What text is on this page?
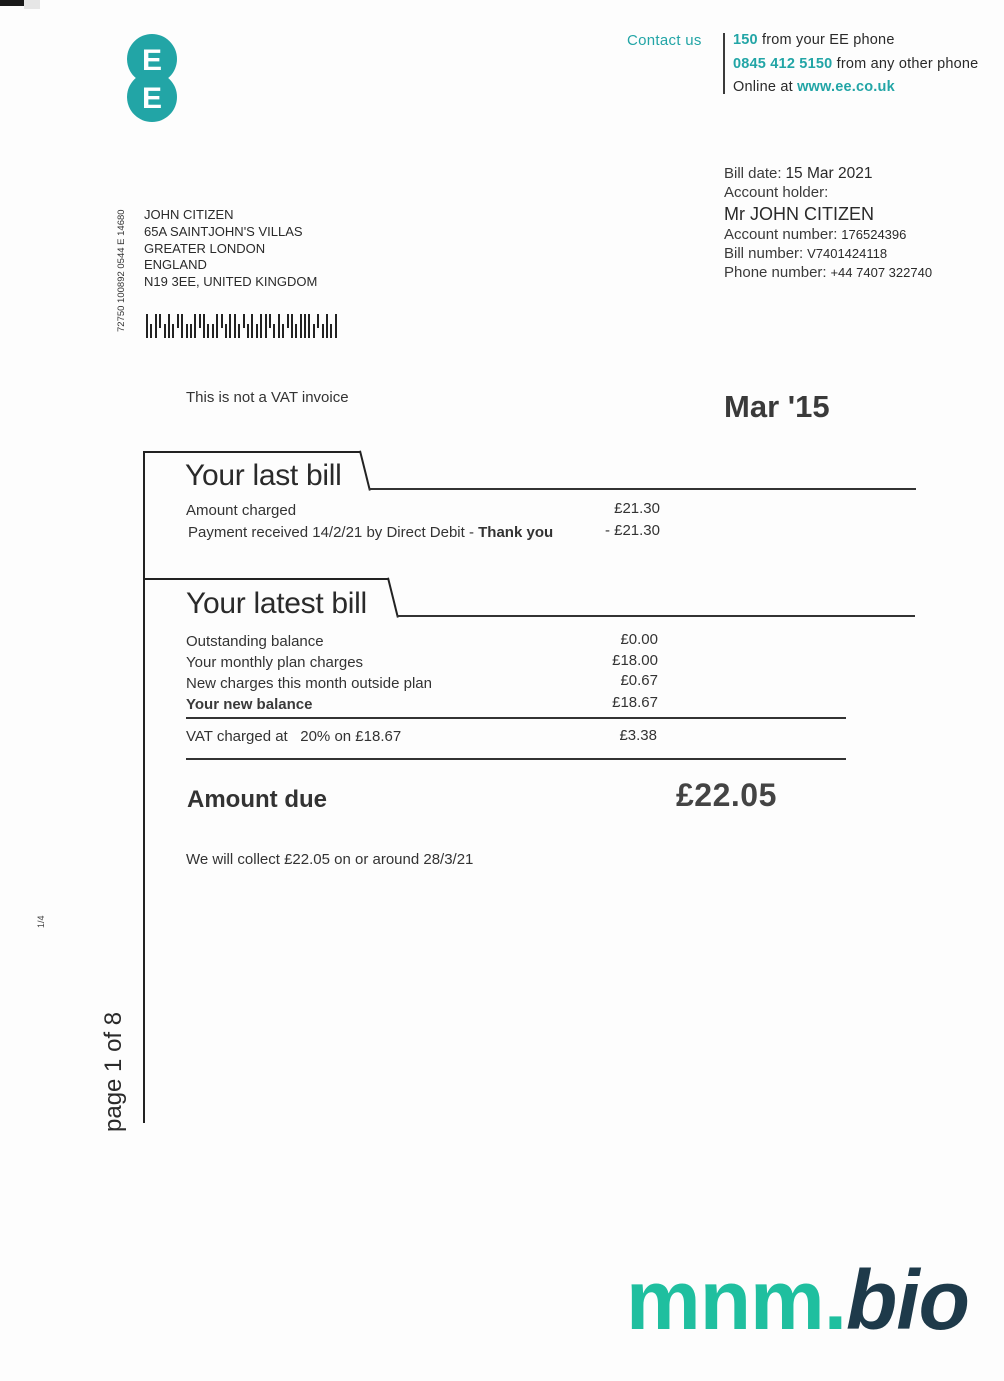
E
E
Contact us 150 from your EE phone
0845 412 5150 from any other phone
Online at www.ee.co.uk
Bill date: 15 Mar 2021
Account holder:
Mr JOHN CITIZEN
Account number: 176524396
Bill number: V7401424118
Phone number: +44 7407 322740
72750 100892 0544 E 14680 JOHN CITIZEN
65A SAINTJOHN'S VILLAS
GREATER LONDON
ENGLAND
N19 3EE, UNITED KINGDOM
This is not a VAT invoice	Mar '15
Your last bill
Amount charged	£21.30
Payment received 14/2/21 by Direct Debit - Thank you	- £21.30
Your latest bill
Outstanding balance	£0.00
Your monthly plan charges	£18.00
New charges this month outside plan	£0.67
Your new balance	£18.67
VAT charged at 20% on £18.67	£3.38
Amount due	£22.05
We will collect £22.05 on or around 28/3/21
1/4
page 1 of 8
mnm.bio
